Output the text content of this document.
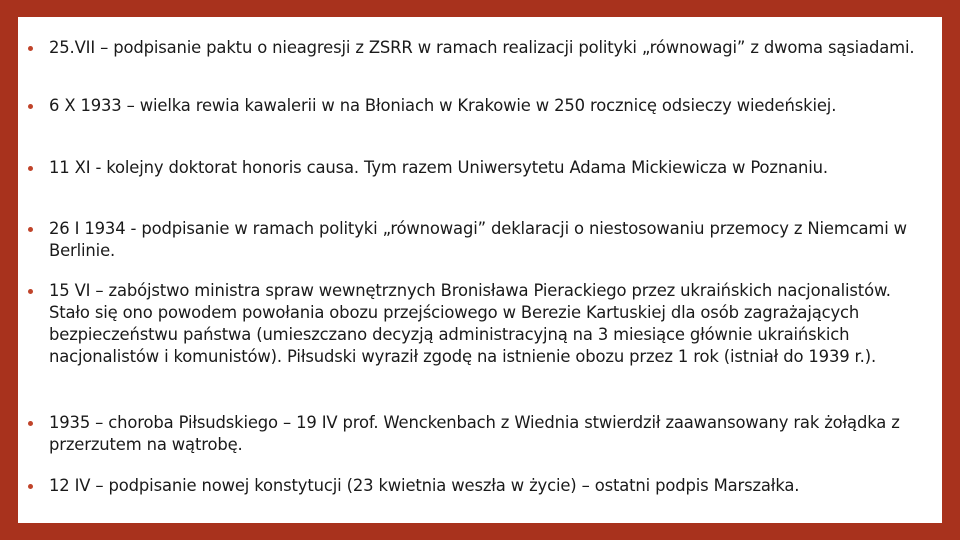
25.VII – podpisanie paktu o nieagresji z ZSRR w ramach realizacji polityki „równowagi” z dwoma sąsiadami.
6 X 1933 – wielka rewia kawalerii w na Błoniach w Krakowie w 250 rocznicę odsieczy wiedeńskiej.
11 XI - kolejny doktorat honoris causa. Tym razem Uniwersytetu Adama Mickiewicza w Poznaniu.
26 I 1934 - podpisanie w ramach polityki „równowagi” deklaracji o niestosowaniu przemocy z Niemcami w Berlinie.
15 VI – zabójstwo ministra spraw wewnętrznych Bronisława Pierackiego przez ukraińskich nacjonalistów. Stało się ono powodem powołania obozu przejściowego w Berezie Kartuskiej dla osób zagrażających bezpieczeństwu państwa (umieszczano decyzją administracyjną na 3 miesiące głównie ukraińskich nacjonalistów i komunistów). Piłsudski wyraził zgodę na istnienie obozu przez 1 rok (istniał do 1939 r.).
1935 – choroba Piłsudskiego – 19 IV prof. Wenckenbach z Wiednia stwierdził zaawansowany rak żołądka z przerzutem na wątrobę.
12 IV – podpisanie nowej konstytucji (23 kwietnia weszła w życie) – ostatni podpis Marszałka.
